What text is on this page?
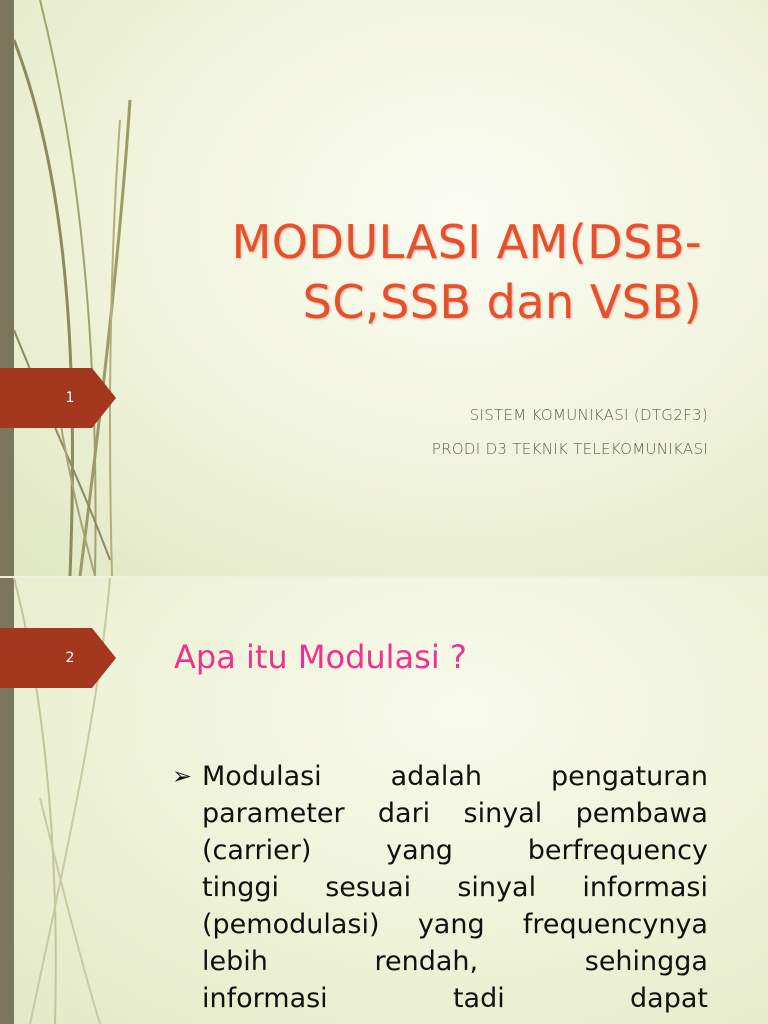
1
MODULASI AM(DSB-
SC,SSB dan VSB)
SISTEM KOMUNIKASI (DTG2F3)
PRODI D3 TEKNIK TELEKOMUNIKASI
2	Apa itu Modulasi ?
➢ Modulasi	adalah	pengaturan
parameter dari sinyal pembawa
(carrier)	yang	berfrequency
tinggi sesuai sinyal informasi
(pemodulasi) yang frequencynya
lebih	rendah,	sehingga
informasi	tadi	dapat
